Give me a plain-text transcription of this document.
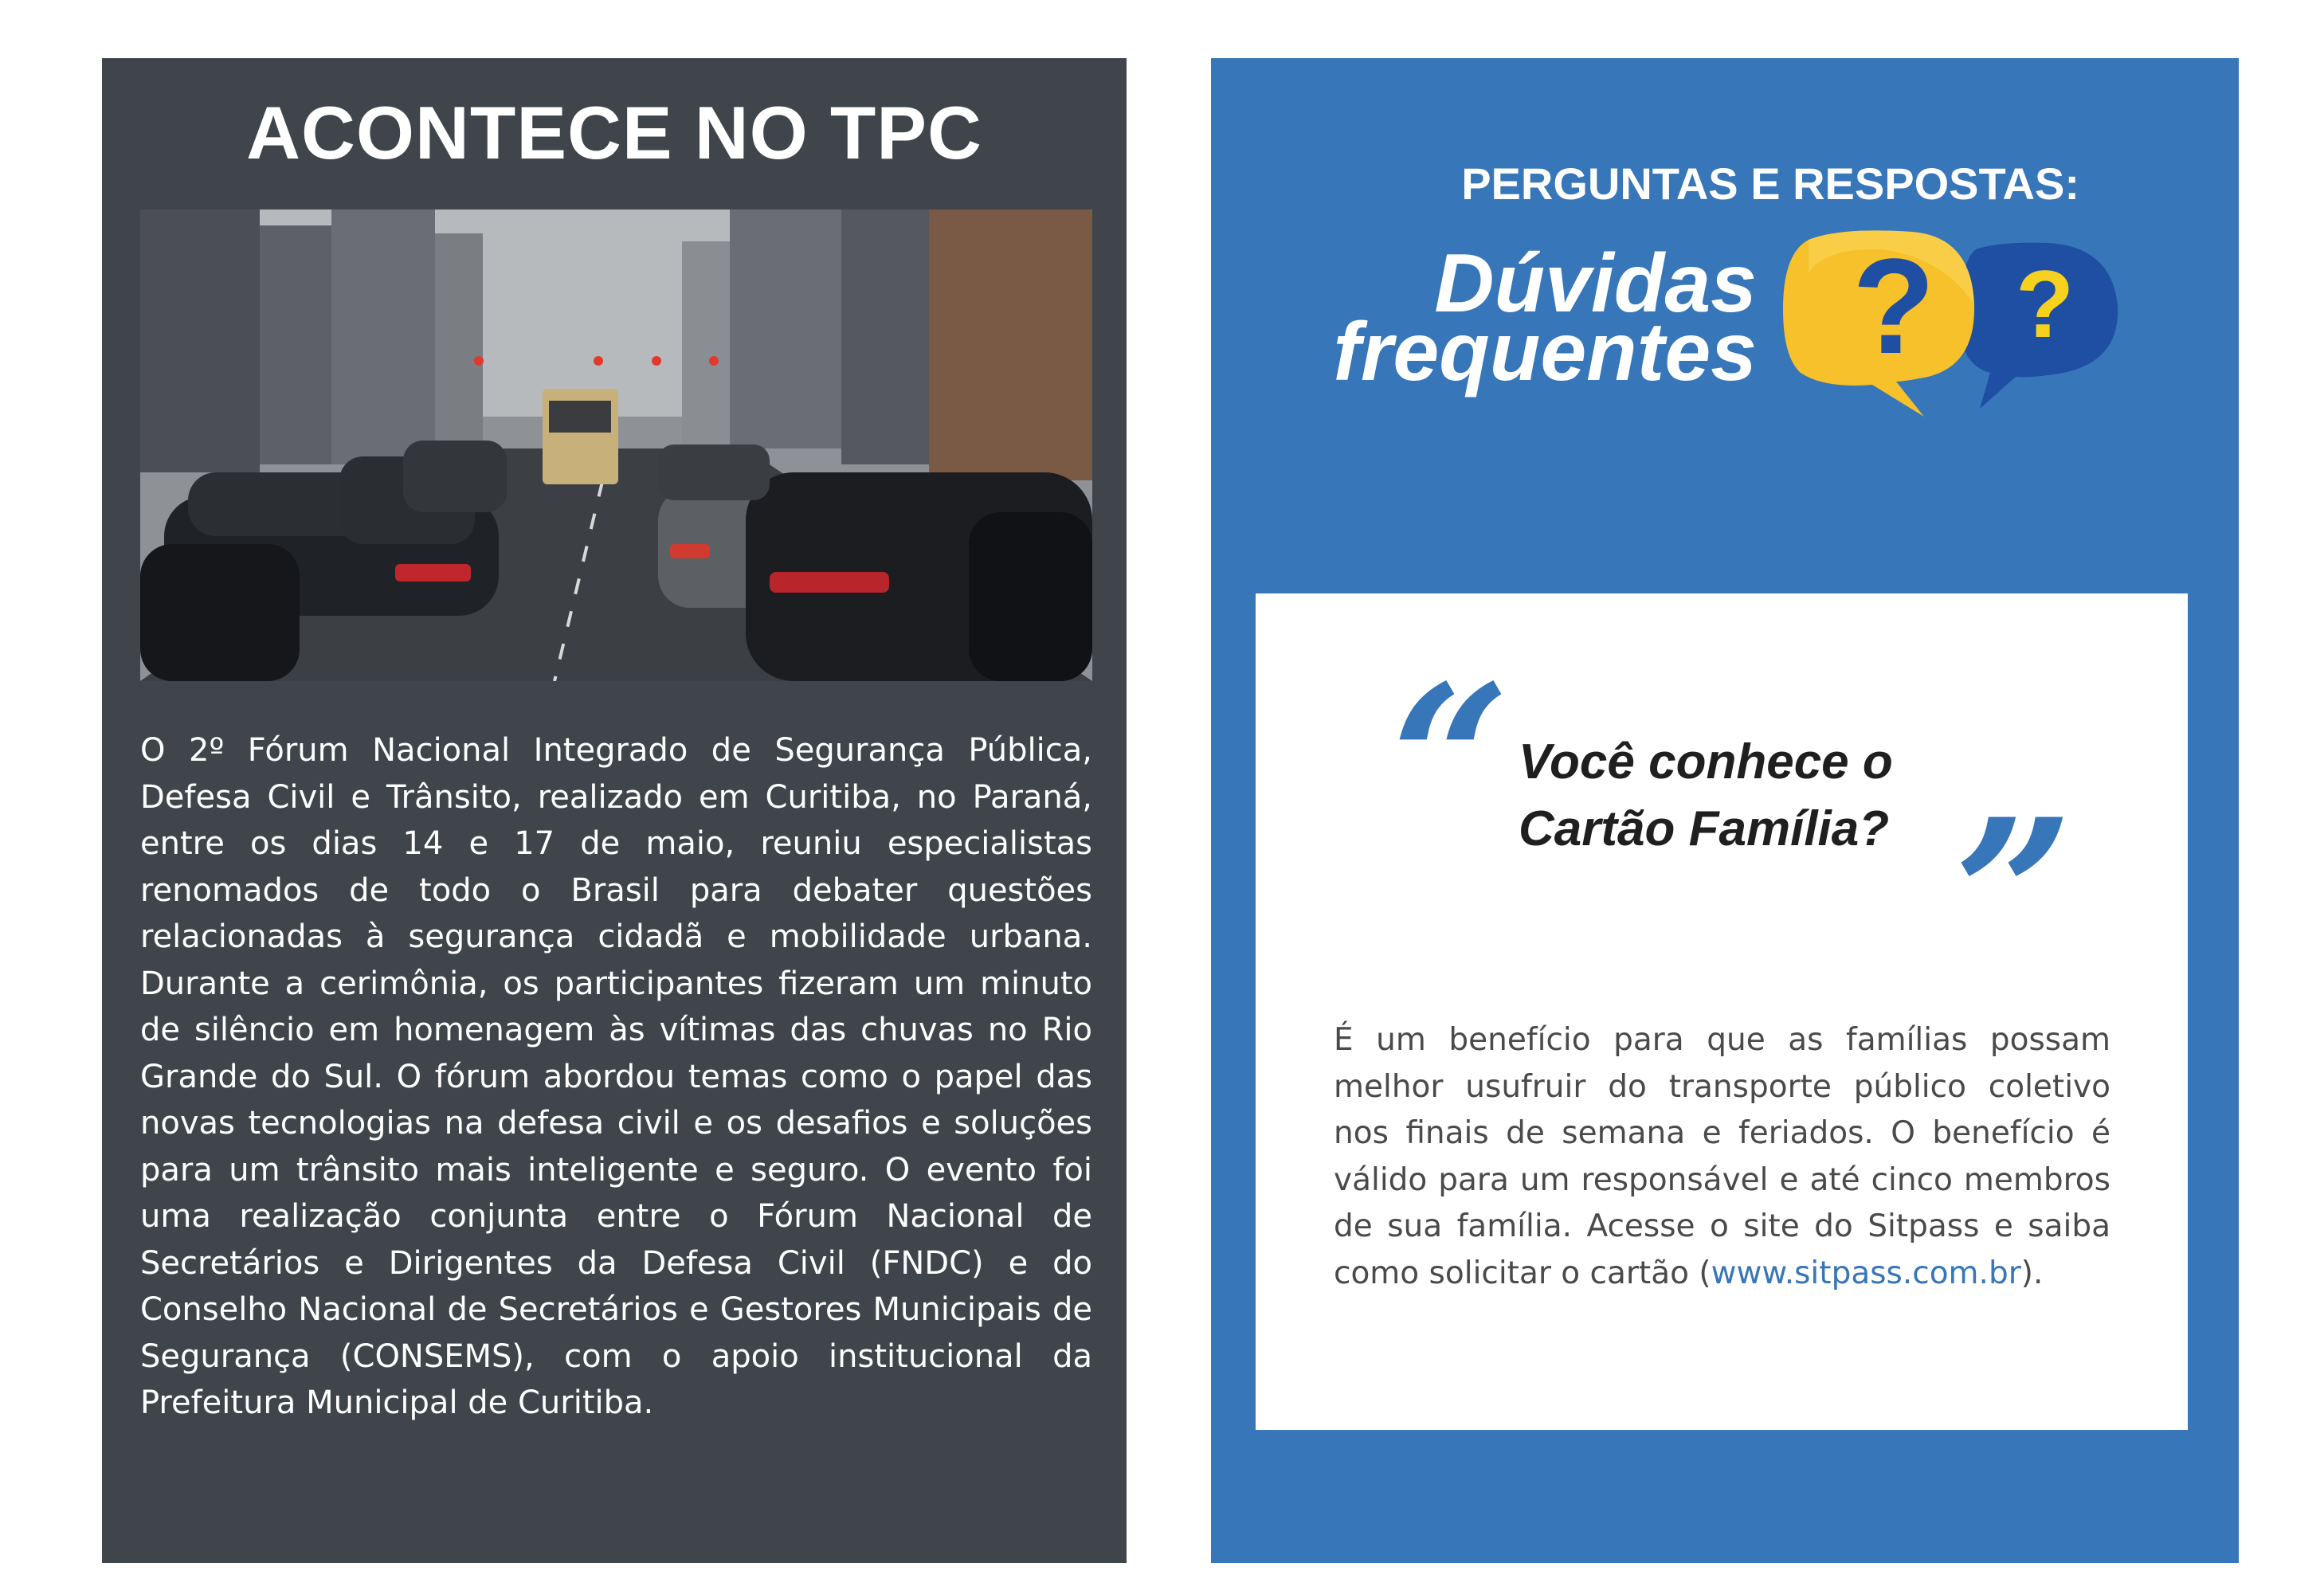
ACONTECE NO TPC

O 2º Fórum Nacional Integrado de Segurança Pública, Defesa Civil e Trânsito, realizado em Curitiba, no Paraná, entre os dias 14 e 17 de maio, reuniu especialistas renomados de todo o Brasil para debater questões relacionadas à segurança cidadã e mobilidade urbana. Durante a cerimônia, os participantes fizeram um minuto de silêncio em homenagem às vítimas das chuvas no Rio Grande do Sul. O fórum abordou temas como o papel das novas tecnologias na defesa civil e os desafios e soluções para um trânsito mais inteligente e seguro. O evento foi uma realização conjunta entre o Fórum Nacional de Secretários e Dirigentes da Defesa Civil (FNDC) e do Conselho Nacional de Secretários e Gestores Municipais de Segurança (CONSEMS), com o apoio institucional da Prefeitura Municipal de Curitiba.

PERGUNTAS E RESPOSTAS:
Dúvidas
frequentes ? ?
“ Você conhece o
Cartão Família? ”

É um benefício para que as famílias possam melhor usufruir do transporte público coletivo nos finais de semana e feriados. O benefício é válido para um responsável e até cinco membros de sua família. Acesse o site do Sitpass e saiba como solicitar o cartão (www.sitpass.com.br).
